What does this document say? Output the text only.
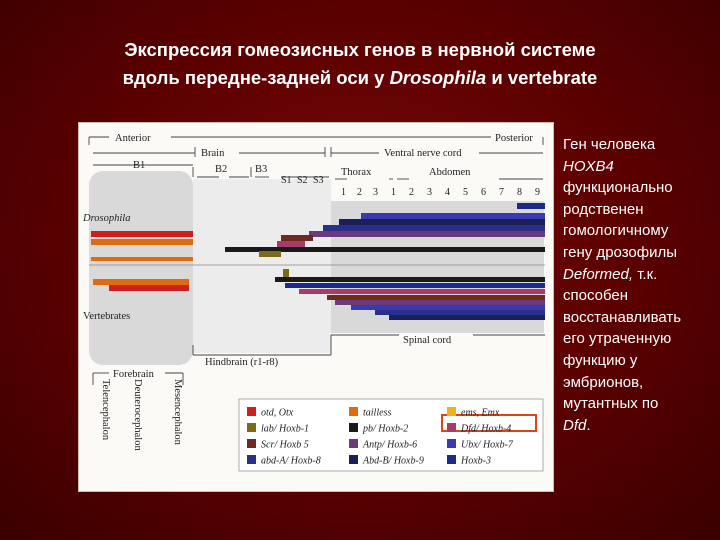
Экспрессия гомеозисных генов в нервной системе
вдоль передне-задней оси у Drosophila и vertebrate
Anterior	Posterior
Brain	Ventral nerve cord
B1	B2	B3
S1 S2 S3
Thorax	Abdomen
1 2 3 1 2 3 4 5 6 7 8 9
Drosophila
Vertebrates
Spinal cord
Hindbrain (r1-r8)
Forebrain
Telencephalon Deuterocephalon	Mesencephalon	otd, Otx	tailless	ems, Emx
lab/ Hoxb-1	pb/ Hoxb-2	Dfd/ Hoxb-4
Scr/ Hoxb 5	Antp/ Hoxb-6	Ubx/ Hoxb-7
abd-A/ Hoxb-8	Abd-B/ Hoxb-9	Hoxb-3
Ген человека
HOXB4
функционально
родственен
гомологичному
гену дрозофилы
Deformed, т.к.
способен
восстанавливать
его утраченную
функцию у
эмбрионов,
мутантных по
Dfd.
